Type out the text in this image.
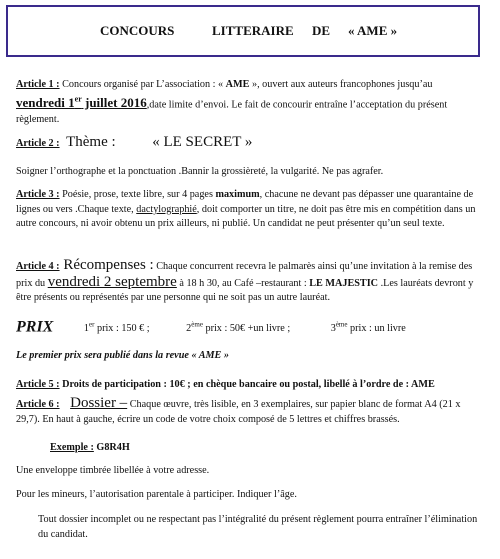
CONCOURS	LITTERAIRE DE « AME »
Article 1 : Concours organisé par L’association : « AME », ouvert aux auteurs francophones jusqu’au
vendredi 1er juillet 2016,date limite d’envoi. Le fait de concourir entraîne l’acceptation du présent règlement.
Article 2 : Thème : « LE SECRET »
Soigner l’orthographe et la ponctuation .Bannir la grossièreté, la vulgarité. Ne pas agrafer.
Article 3 : Poésie, prose, texte libre, sur 4 pages maximum, chacune ne devant pas dépasser une quarantaine de lignes ou vers .Chaque texte, dactylographié, doit comporter un titre, ne doit pas être mis en compétition dans un autre concours, ni avoir obtenu un prix ailleurs, ni publié. Un candidat ne peut présenter qu’un seul texte.
Article 4 : Récompenses : Chaque concurrent recevra le palmarès ainsi qu’une invitation à la remise des prix du vendredi 2 septembre à 18 h 30, au Café –restaurant : LE MAJESTIC .Les lauréats devront y être présents ou représentés par une personne qui ne soit pas un autre lauréat.
PRIX	1er prix : 150 € ;	2ème prix : 50€ +un livre ;	3ème prix : un livre
Le premier prix sera publié dans la revue « AME »
Article 5 : Droits de participation : 10€ ; en chèque bancaire ou postal, libellé à l’ordre de : AME
Article 6 : Dossier – Chaque œuvre, très lisible, en 3 exemplaires, sur papier blanc de format A4 (21 x 29,7). En haut à gauche, écrire un code de votre choix composé de 5 lettres et chiffres brassés.
Exemple : G8R4H
Une enveloppe timbrée libellée à votre adresse.
Pour les mineurs, l’autorisation parentale à participer. Indiquer l’âge.
Tout dossier incomplet ou ne respectant pas l’intégralité du présent règlement pourra entraîner l’élimination du candidat.
